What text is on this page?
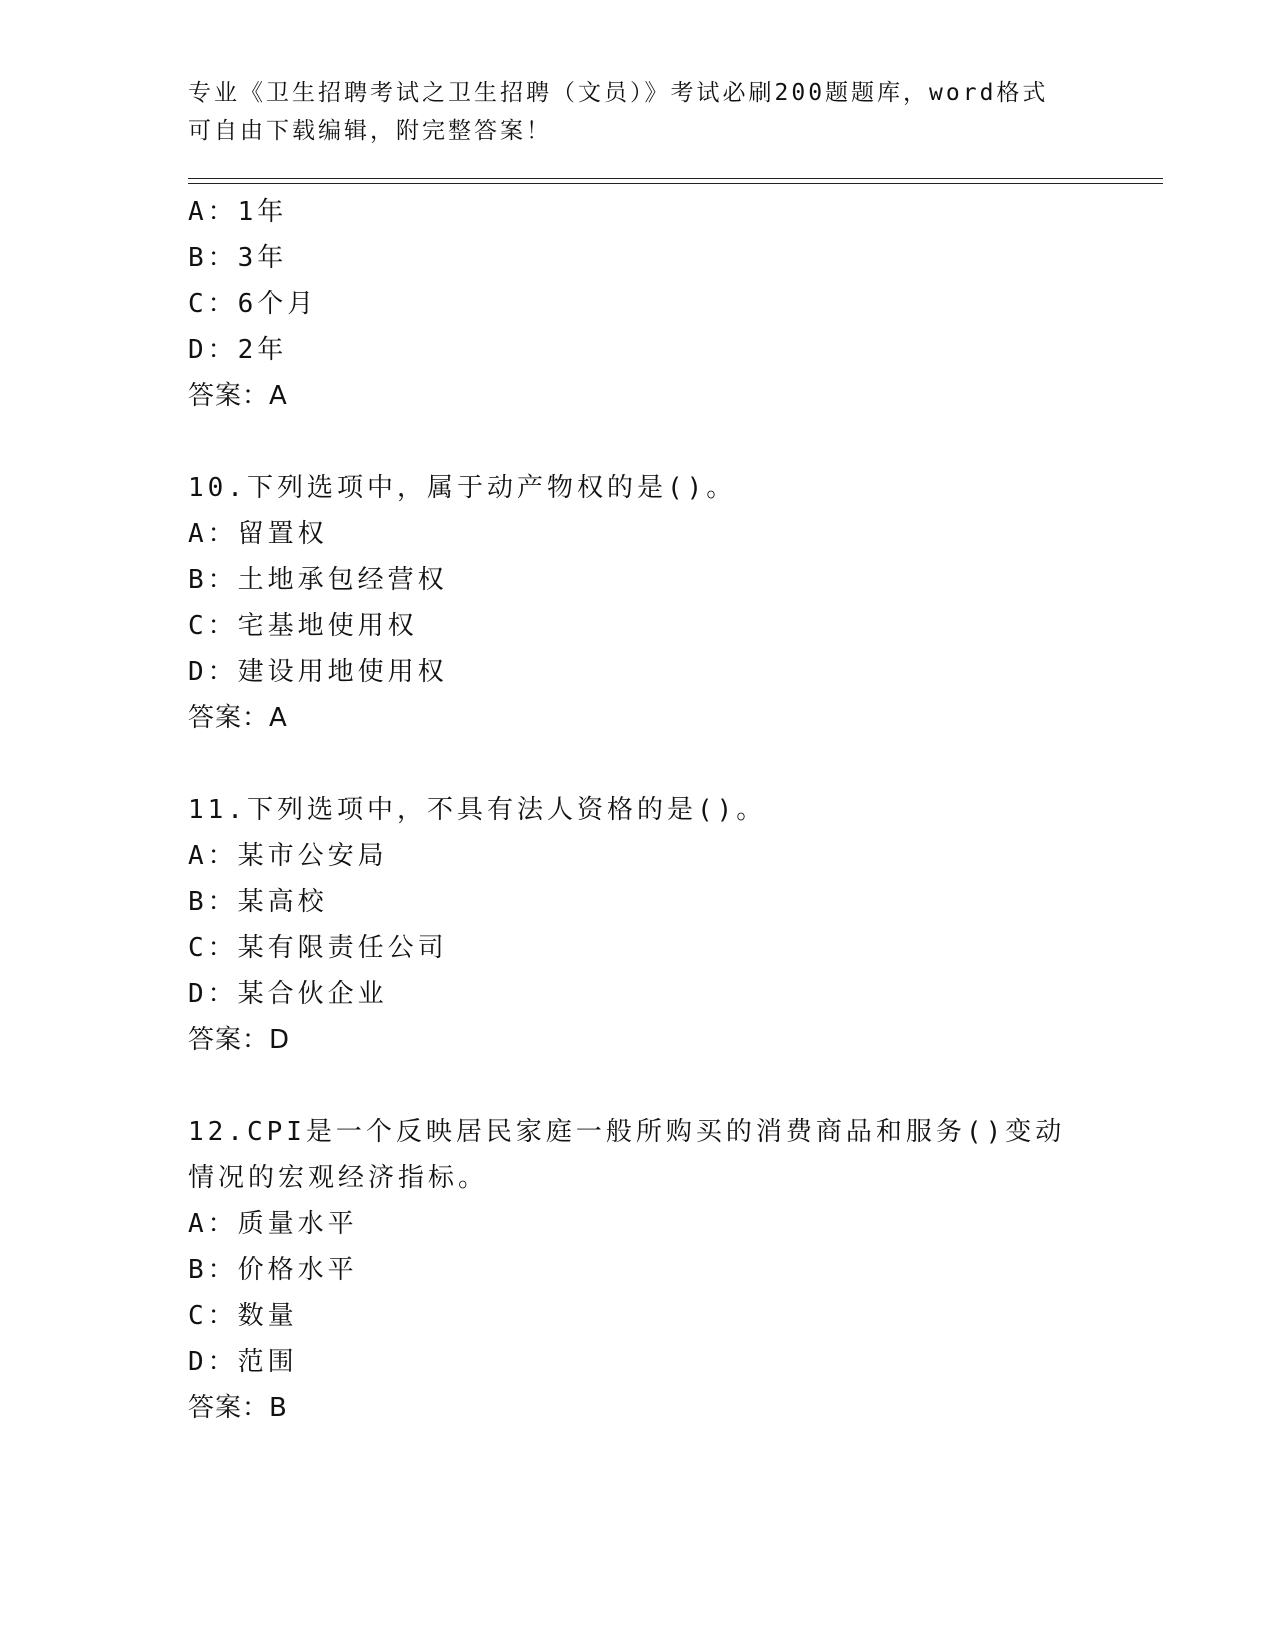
专业《卫生招聘考试之卫生招聘（文员）》考试必刷200题题库，word格式可自由下载编辑，附完整答案！
A：1年
B：3年
C：6个月
D：2年
答案：A
10.下列选项中，属于动产物权的是()。
A：留置权
B：土地承包经营权
C：宅基地使用权
D：建设用地使用权
答案：A
11.下列选项中，不具有法人资格的是()。
A：某市公安局
B：某高校
C：某有限责任公司
D：某合伙企业
答案：D
12.CPI是一个反映居民家庭一般所购买的消费商品和服务()变动情况的宏观经济指标。
A：质量水平
B：价格水平
C：数量
D：范围
答案：B
